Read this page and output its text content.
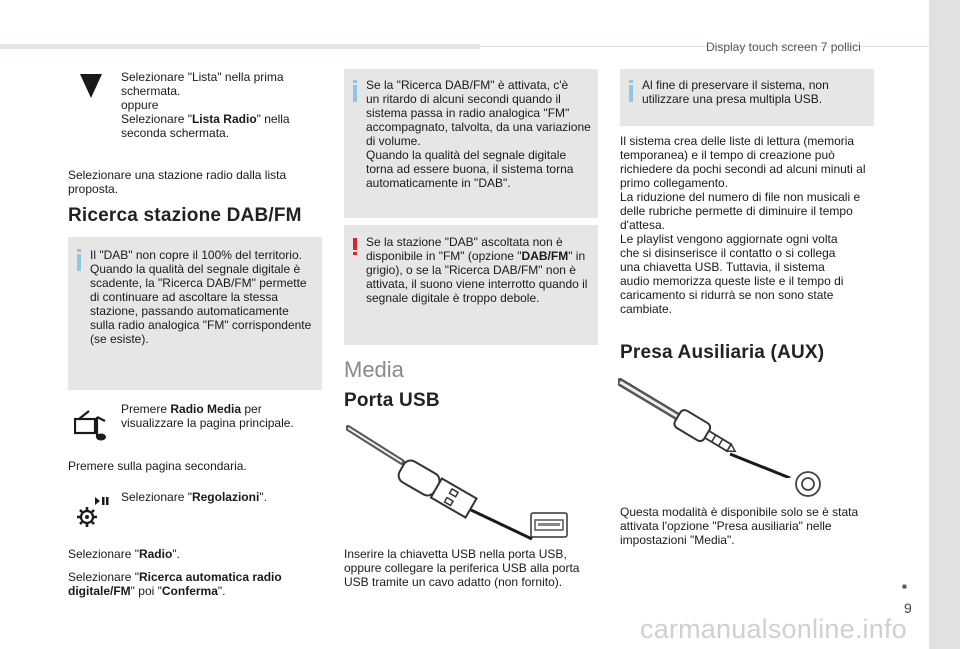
Display touch screen 7 pollici
■
9
Selezionare "Lista" nella prima
schermata.
oppure
Selezionare "Lista Radio" nella
seconda schermata.
Selezionare una stazione radio dalla lista
proposta.
Ricerca stazione DAB/FM
Il "DAB" non copre il 100% del territorio.
Quando la qualità del segnale digitale è
scadente, la "Ricerca DAB/FM" permette
di continuare ad ascoltare la stessa
stazione, passando automaticamente
sulla radio analogica "FM" corrispondente
(se esiste).
Premere Radio Media per
visualizzare la pagina principale.
Premere sulla pagina secondaria.
Selezionare "Regolazioni".
Selezionare "Radio".
Selezionare "Ricerca automatica radio
digitale/FM" poi "Conferma".
Se la "Ricerca DAB/FM" è attivata, c'è
un ritardo di alcuni secondi quando il
sistema passa in radio analogica "FM"
accompagnato, talvolta, da una variazione
di volume.
Quando la qualità del segnale digitale
torna ad essere buona, il sistema torna
automaticamente in "DAB".
Se la stazione "DAB" ascoltata non è
disponibile in "FM" (opzione "DAB/FM" in
grigio), o se la "Ricerca DAB/FM" non è
attivata, il suono viene interrotto quando il
segnale digitale è troppo debole.
Media
Porta USB
Inserire la chiavetta USB nella porta USB,
oppure collegare la periferica USB alla porta
USB tramite un cavo adatto (non fornito).
Al fine di preservare il sistema, non
utilizzare una presa multipla USB.
Il sistema crea delle liste di lettura (memoria
temporanea) e il tempo di creazione può
richiedere da pochi secondi ad alcuni minuti al
primo collegamento.
La riduzione del numero di file non musicali e
delle rubriche permette di diminuire il tempo
d'attesa.
Le playlist vengono aggiornate ogni volta
che si disinserisce il contatto o si collega
una chiavetta USB. Tuttavia, il sistema
audio memorizza queste liste e il tempo di
caricamento si ridurrà se non sono state
cambiate.
Presa Ausiliaria (AUX)
Questa modalità è disponibile solo se è stata
attivata l'opzione "Presa ausiliaria" nelle
impostazioni "Media".
carmanualsonline.info
